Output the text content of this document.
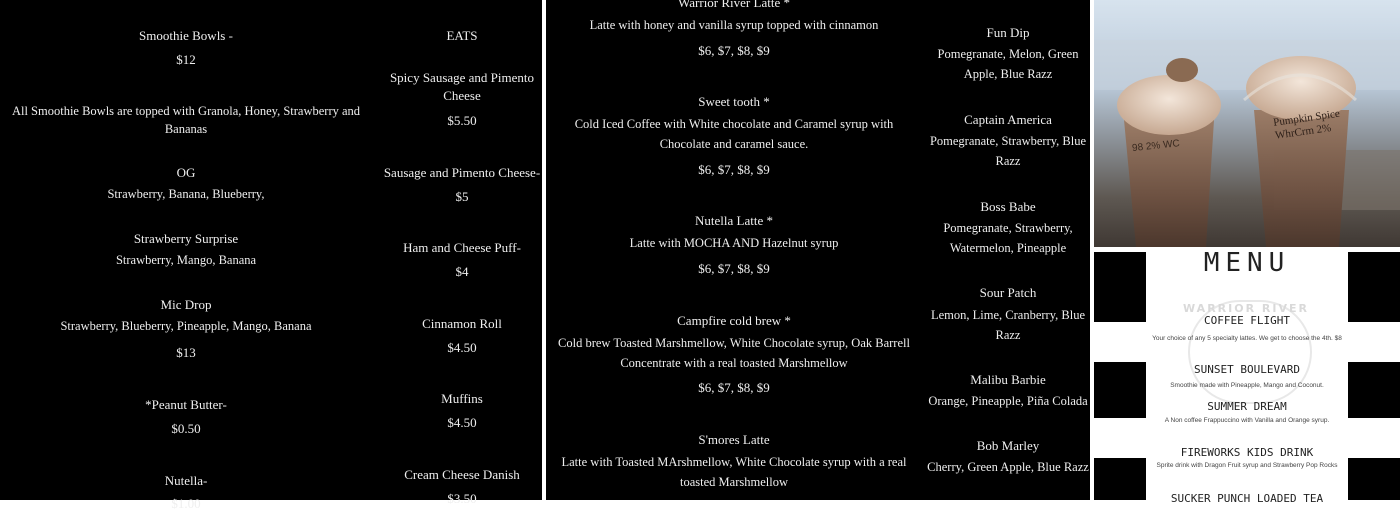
Smoothie Bowls -
$12
All Smoothie Bowls are topped with Granola, Honey, Strawberry and Bananas
OG
Strawberry, Banana, Blueberry,
Strawberry Surprise
Strawberry, Mango, Banana
Mic Drop
Strawberry, Blueberry, Pineapple, Mango, Banana
$13
*Peanut Butter-
$0.50
Nutella-
$1.00
EATS
Spicy Sausage and Pimento Cheese
$5.50
Sausage and Pimento Cheese-
$5
Ham and Cheese Puff-
$4
Cinnamon Roll
$4.50
Muffins
$4.50
Cream Cheese Danish
$3.50
Warrior River Latte *
Latte with honey and vanilla syrup topped with cinnamon
$6, $7, $8, $9
Sweet tooth *
Cold Iced Coffee with White chocolate and Caramel syrup with Chocolate and caramel sauce.
$6, $7, $8, $9
Nutella Latte *
Latte with MOCHA AND Hazelnut syrup
$6, $7, $8, $9
Campfire cold brew *
Cold brew Toasted Marshmellow, White Chocolate syrup, Oak Barrell Concentrate with a real toasted Marshmellow
$6, $7, $8, $9
S'mores Latte
Latte with Toasted MArshmellow, White Chocolate syrup with a real toasted Marshmellow
Fun Dip
Pomegranate, Melon, Green Apple, Blue Razz
Captain America
Pomegranate, Strawberry, Blue Razz
Boss Babe
Pomegranate, Strawberry, Watermelon, Pineapple
Sour Patch
Lemon, Lime, Cranberry, Blue Razz
Malibu Barbie
Orange, Pineapple, Piña Colada
Bob Marley
Cherry, Green Apple, Blue Razz
98 2% WC
Pumpkin Spice WhrCrm 2%
MENU
WARRIOR RIVER
COFFEE FLIGHT
Your choice of any 5 specialty lattes. We get to choose the 4th. $8
SUNSET BOULEVARD
Smoothie made with Pineapple, Mango and Coconut.
SUMMER DREAM
A Non coffee Frappuccino with Vanilla and Orange syrup.
FIREWORKS KIDS DRINK
Sprite drink with Dragon Fruit syrup and Strawberry Pop Rocks
SUCKER PUNCH LOADED TEA
